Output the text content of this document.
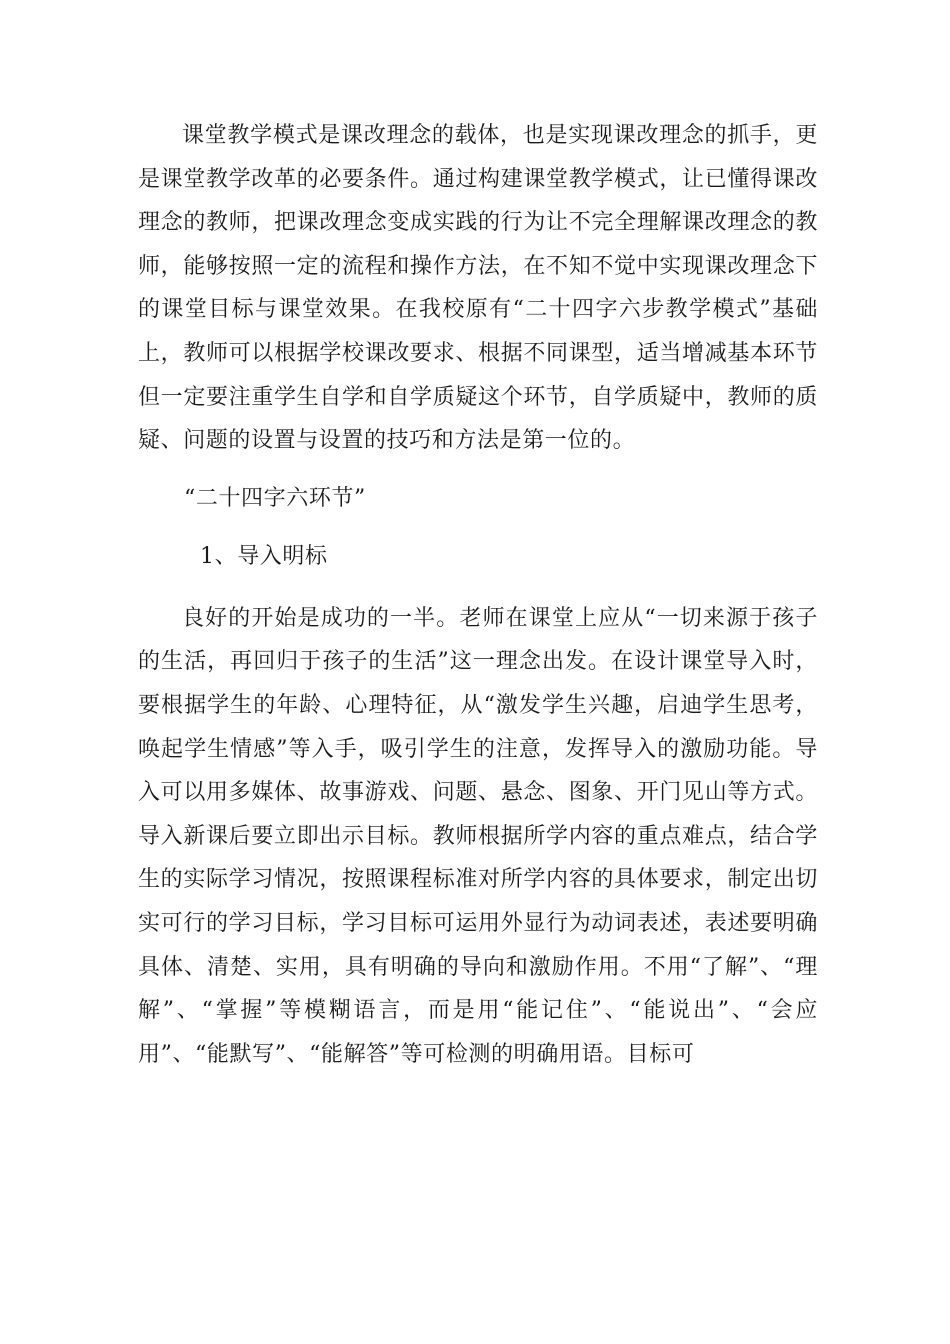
课堂教学模式是课改理念的载体，也是实现课改理念的抓手，更是课堂教学改革的必要条件。通过构建课堂教学模式，让已懂得课改理念的教师，把课改理念变成实践的行为让不完全理解课改理念的教师，能够按照一定的流程和操作方法，在不知不觉中实现课改理念下的课堂目标与课堂效果。在我校原有“二十四字六步教学模式”基础上，教师可以根据学校课改要求、根据不同课型，适当增减基本环节但一定要注重学生自学和自学质疑这个环节，自学质疑中，教师的质疑、问题的设置与设置的技巧和方法是第一位的。

“二十四字六环节”

1、导入明标

良好的开始是成功的一半。老师在课堂上应从“一切来源于孩子的生活，再回归于孩子的生活”这一理念出发。在设计课堂导入时，要根据学生的年龄、心理特征，从“激发学生兴趣，启迪学生思考，唤起学生情感”等入手，吸引学生的注意，发挥导入的激励功能。导入可以用多媒体、故事游戏、问题、悬念、图象、开门见山等方式。导入新课后要立即出示目标。教师根据所学内容的重点难点，结合学生的实际学习情况，按照课程标准对所学内容的具体要求，制定出切实可行的学习目标，学习目标可运用外显行为动词表述，表述要明确具体、清楚、实用，具有明确的导向和激励作用。不用“了解”、“理解”、“掌握”等模糊语言，而是用“能记住”、“能说出”、“会应用”、“能默写”、“能解答”等可检测的明确用语。目标可
